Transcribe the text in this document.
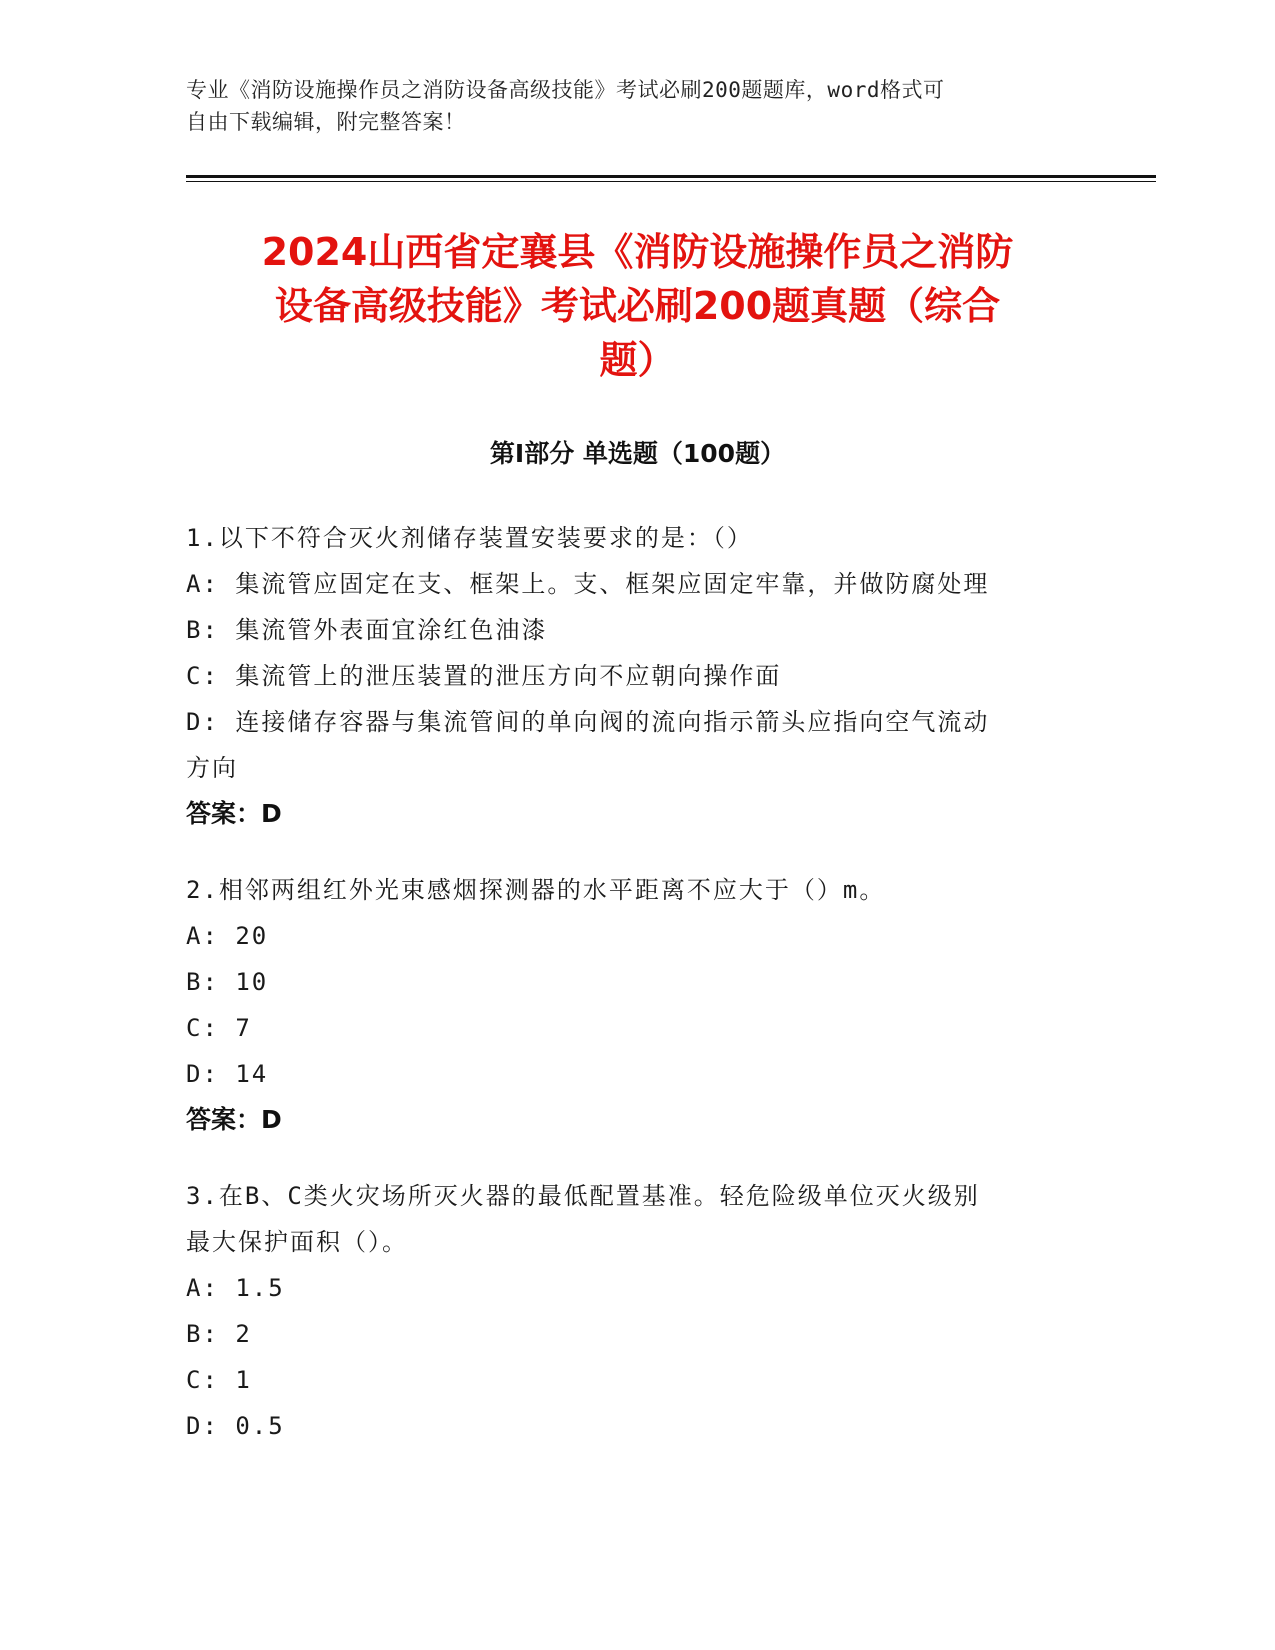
专业《消防设施操作员之消防设备高级技能》考试必刷200题题库，word格式可
自由下载编辑，附完整答案！
2024山西省定襄县《消防设施操作员之消防
设备高级技能》考试必刷200题真题（综合
题）
第Ⅰ部分 单选题（100题）

1.以下不符合灭火剂储存装置安装要求的是：（）

A: 集流管应固定在支、框架上。支、框架应固定牢靠，并做防腐处理

B: 集流管外表面宜涂红色油漆

C: 集流管上的泄压装置的泄压方向不应朝向操作面

D: 连接储存容器与集流管间的单向阀的流向指示箭头应指向空气流动

方向

答案：D

2.相邻两组红外光束感烟探测器的水平距离不应大于（）m。

A: 20

B: 10

C: 7

D: 14

答案：D

3.在B、C类火灾场所灭火器的最低配置基准。轻危险级单位灭火级别

最大保护面积（）。

A: 1.5

B: 2

C: 1

D: 0.5
